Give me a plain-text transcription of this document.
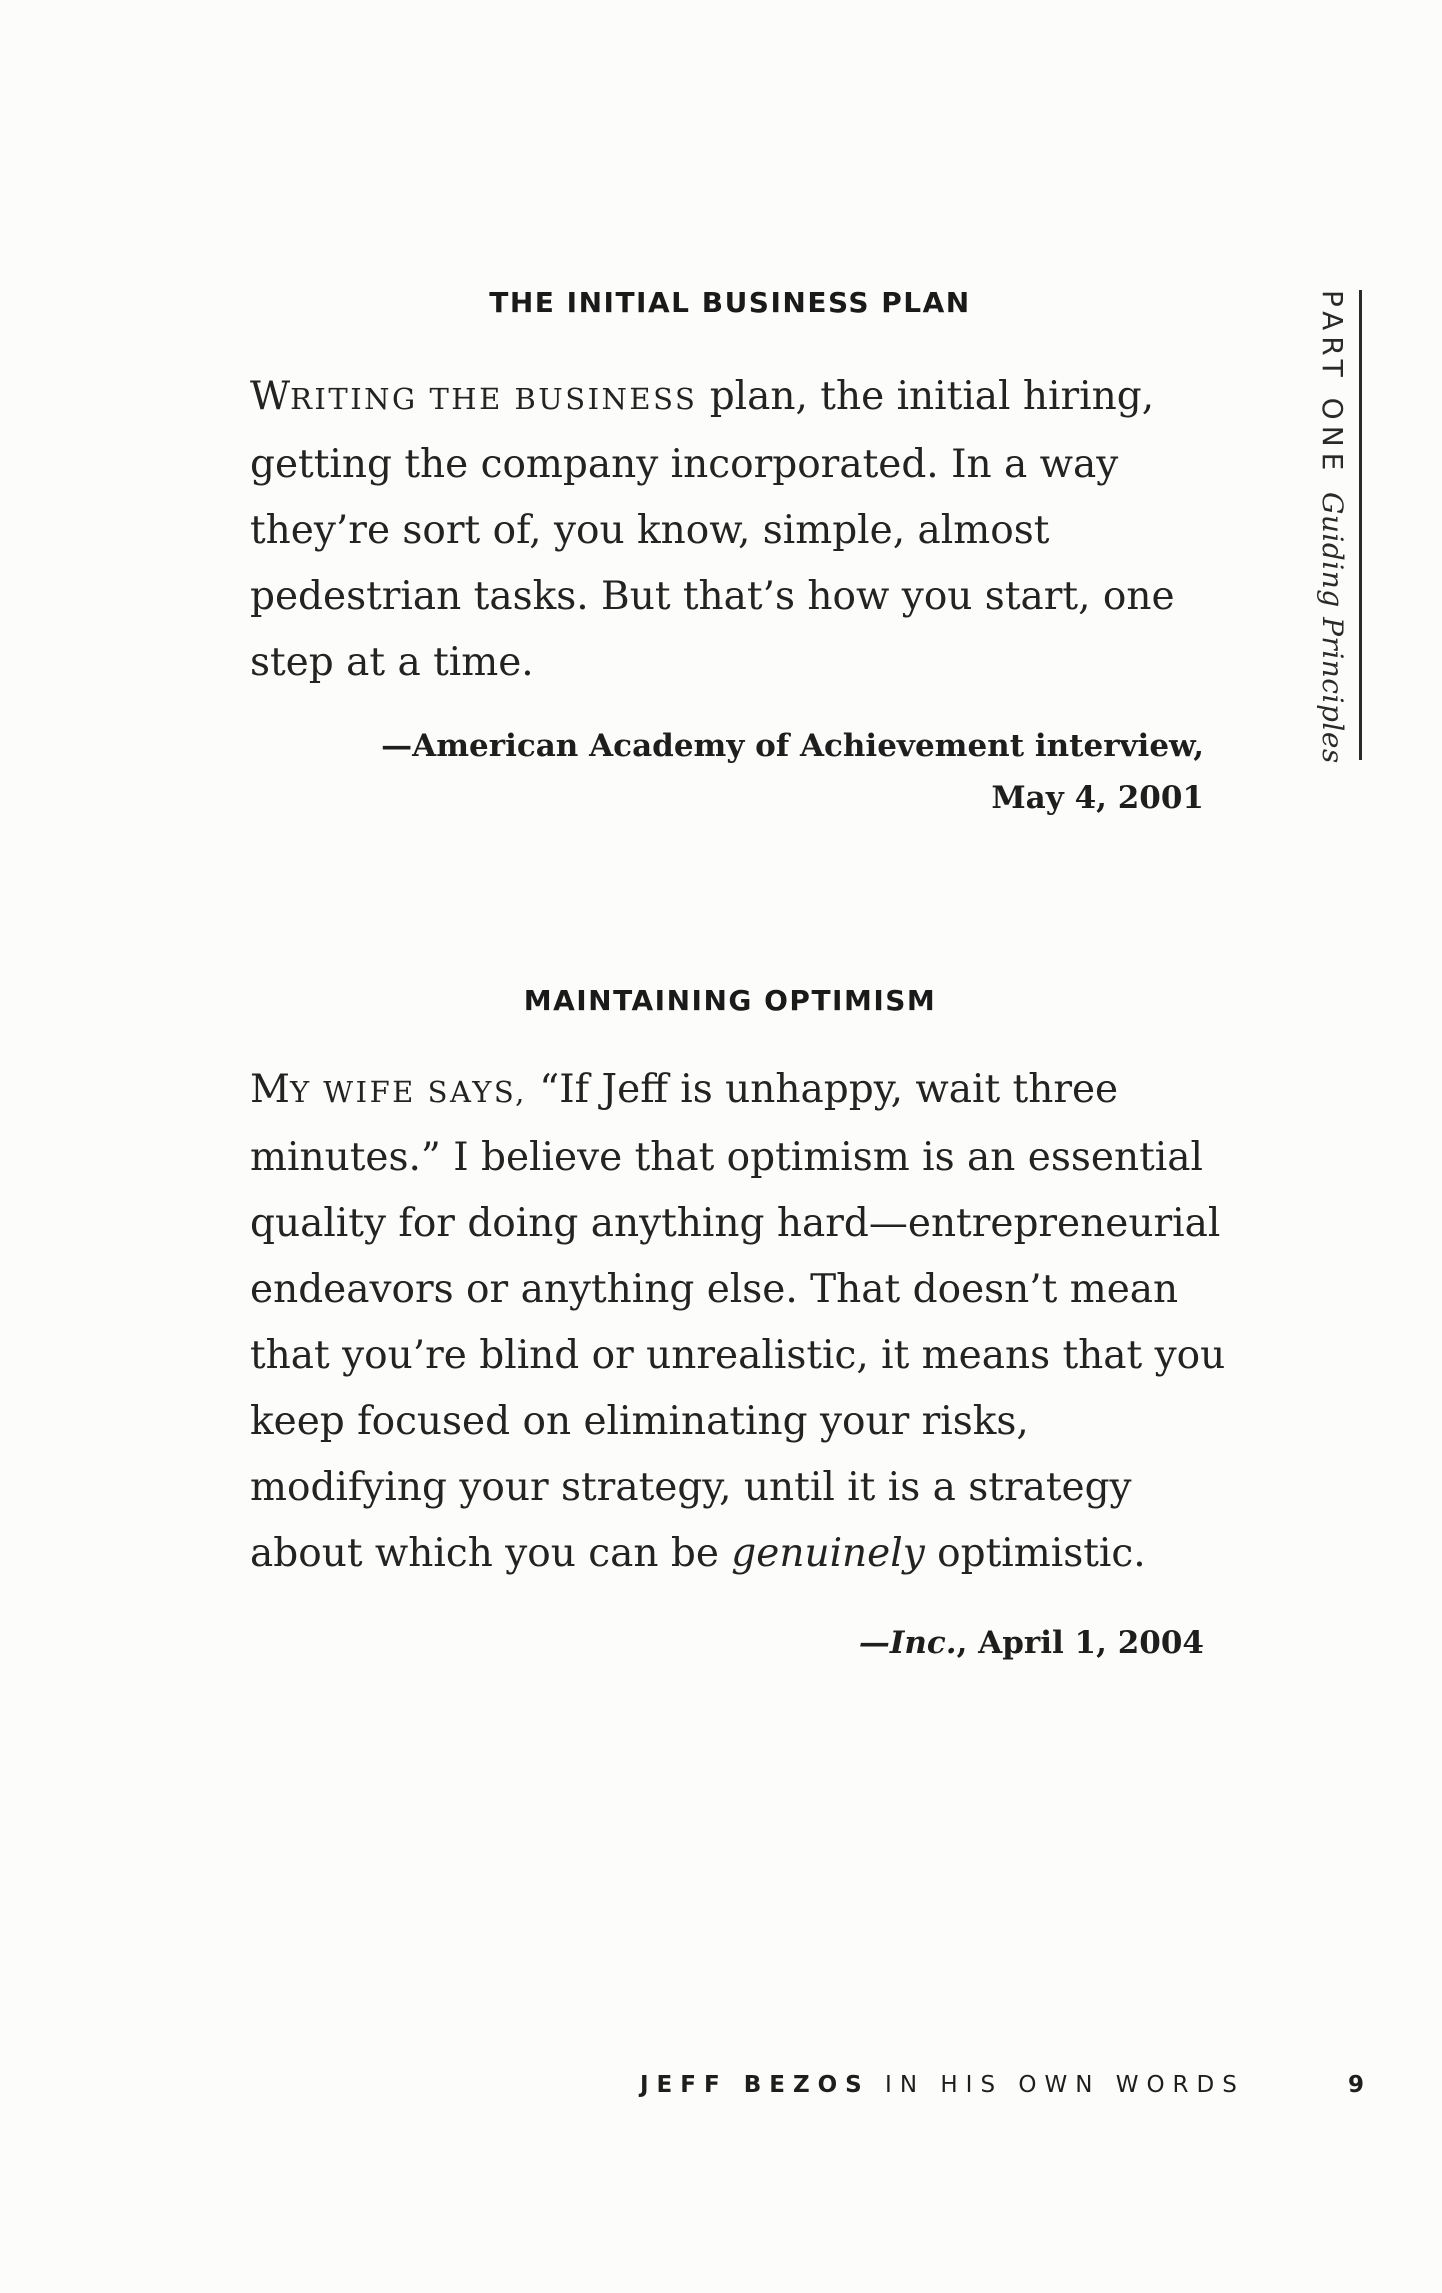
PART ONEGuiding Principles
THE INITIAL BUSINESS PLAN
WRITING THE BUSINESS plan, the initial hiring, getting the company incorporated. In a way they’re sort of, you know, simple, almost pedestrian tasks. But that’s how you start, one step at a time.
—American Academy of Achievement interview,
May 4, 2001
MAINTAINING OPTIMISM
MY WIFE SAYS, “If Jeff is unhappy, wait three minutes.” I believe that optimism is an essential quality for doing anything hard—entrepreneurial endeavors or anything else. That doesn’t mean that you’re blind or unrealistic, it means that you keep focused on eliminating your risks, modifying your strategy, until it is a strategy about which you can be genuinely optimistic.
—Inc., April 1, 2004
JEFF BEZOS IN HIS OWN WORDS	9
